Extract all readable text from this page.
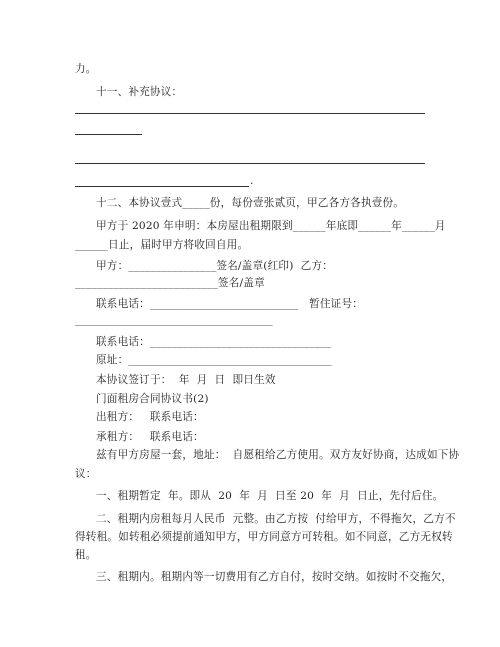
力。
十一、补充协议：
.
十二、本协议壹式_____份，每份壹张贰页，甲乙各方各执壹份。
甲方于 2020 年申明：本房屋出租期限到______年底即______年______月
______日止，届时甲方将收回自用。
甲方：________________签名/盖章(红印)  乙方：
__________________________签名/盖章
联系电话：___________________________   暂住证号：
____________________________________
联系电话：_________________________________
原址：_____________________________________
本协议签订于：  年  月  日  即日生效
门面租房合同协议书(2)
出租方：   联系电话：
承租方：   联系电话：
兹有甲方房屋一套，地址：  自愿租给乙方使用。双方友好协商，达成如下协
议：
一、租期暂定  年。即从  20  年  月  日至 20  年  月  日止，先付后住。
二、租期内房租每月人民币  元整。由乙方按  付给甲方，不得拖欠，乙方不
得转租。如转租必须提前通知甲方，甲方同意方可转租。如不同意，乙方无权转
租。
三、租期内。租期内等一切费用有乙方自付，按时交纳。如按时不交拖欠，
